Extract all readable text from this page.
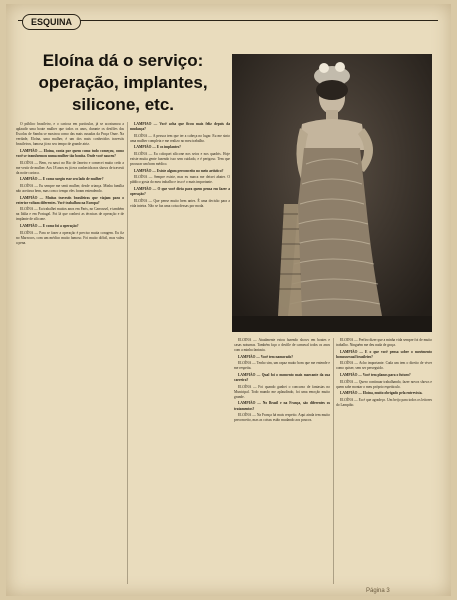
ESQUINA
Eloína dá o serviço:
operação, implantes,
silicone, etc.

O público brasileiro, e o carioca em particular, já se acostumou a aplaudir uma boate mulher que todos os anos, durante os desfiles das Escolas de Samba se mostrou como das mais ousadas da Praça Onze. Na verdade, Eloína, uma mulher, é um dos mais conhecidos travestis brasileiros, famosa já no seu tempo de grande atriz.

LAMPIÃO — Eloína, conta por quem como tudo começou, como você se transformou numa mulher tão bonita. Onde você nasceu?

ELOÍNA — Bem, eu nasci no Rio de Janeiro e comecei muito cedo a me vestir de mulher. Aos 18 anos eu já era conhecida nos shows de travesti da noite carioca.

LAMPIÃO — E como surgiu esse seu lado de mulher?

ELOÍNA — Eu sempre me senti mulher, desde criança. Minha família não aceitava bem, mas com o tempo eles foram entendendo.

LAMPIÃO — Muitas travestis brasileiras que viajam para o exterior voltam diferentes. Você trabalhou na Europa?

ELOÍNA — Eu trabalhei muitos anos em Paris, no Carrousel, e também na Itália e em Portugal. Foi lá que conheci as técnicas de operação e de implante de silicone.

LAMPIÃO — E como foi a operação?

ELOÍNA — Para se fazer a operação é preciso muita coragem. Eu fiz no Marrocos, com um médico muito famoso. Foi muito difícil, mas valeu a pena.

LAMPIÃO — Você acha que ficou mais feliz depois da mudança?

ELOÍNA — A pessoa tem que ter a cabeça no lugar. Eu me sinto uma mulher completa e me realizo no meu trabalho.

LAMPIÃO — E os implantes?

ELOÍNA — Eu coloquei silicone nos seios e nos quadris. Hoje existe muita gente fazendo isso sem cuidado, e é perigoso. Tem que procurar um bom médico.

LAMPIÃO — Existe algum preconceito no meio artístico?

ELOÍNA — Sempre existe, mas eu nunca me deixei abater. O público gosta do meu trabalho e isso é o mais importante.

LAMPIÃO — O que você diria para quem pensa em fazer a operação?

ELOÍNA — Que pense muito bem antes. É uma decisão para a vida inteira. Não se faz uma coisa dessas por moda.

ELOÍNA — Atualmente estou fazendo shows em boates e casas noturnas. Também faço o desfile de carnaval todos os anos com a minha fantasia.

LAMPIÃO — Você tem namorado?

ELOÍNA — Tenho sim, um rapaz muito bom que me entende e me respeita.

LAMPIÃO — Qual foi o momento mais marcante da sua carreira?

ELOÍNA — Foi quando ganhei o concurso de fantasias no Municipal. Todo mundo me aplaudindo, foi uma emoção muito grande.

LAMPIÃO — No Brasil e na França, são diferentes os tratamentos?

ELOÍNA — Na França há mais respeito. Aqui ainda tem muito preconceito, mas as coisas estão mudando aos poucos.

ELOÍNA — Prefiro dizer que a minha vida sempre foi de muito trabalho. Ninguém me deu nada de graça.

LAMPIÃO — E o que você pensa sobre o movimento homossexual brasileiro?

ELOÍNA — Acho importante. Cada um tem o direito de viver como quiser, sem ser perseguido.

LAMPIÃO — Você tem planos para o futuro?

ELOÍNA — Quero continuar trabalhando, fazer novos shows e quem sabe montar o meu próprio espetáculo.

LAMPIÃO — Eloína, muito obrigado pela entrevista.

ELOÍNA — Eu é que agradeço. Um beijo para todos os leitores do Lampião.

Página 3
